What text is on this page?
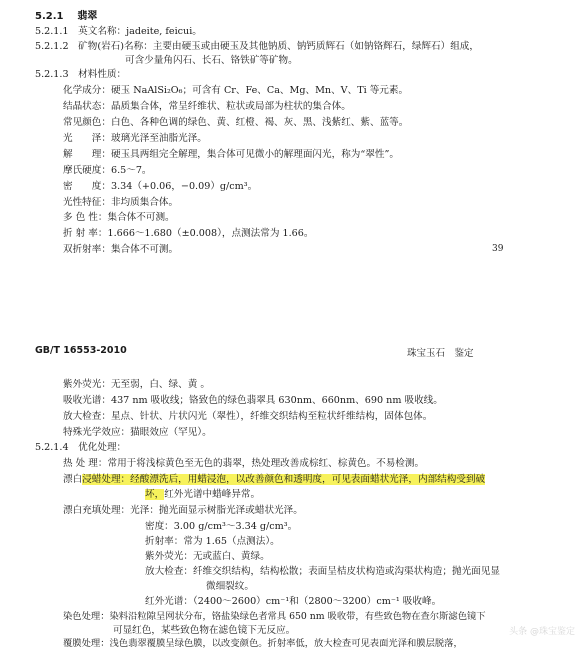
5.2.1 翡翠
5.2.1.1　英文名称：jadeite, feicui。
5.2.1.2　矿物(岩石)名称：主要由硬玉或由硬玉及其他钠质、钠钙质辉石（如钠铬辉石，绿辉石）组成，
可含少量角闪石、长石、铬铁矿等矿物。
5.2.1.3　材料性质：
化学成分：硬玉 NaAlSi₂O₆；可含有 Cr、Fe、Ca、Mg、Mn、V、Ti 等元素。
结晶状态：晶质集合体，常呈纤维状、粒状或局部为柱状的集合体。
常见颜色：白色、各种色调的绿色、黄、红橙、褐、灰、黑、浅紫红、紫、蓝等。
光　　泽：玻璃光泽至油脂光泽。
解　　理：硬玉具两组完全解理，集合体可见微小的解理面闪光，称为“翠性”。
摩氏硬度：6.5～7。
密　　度：3.34（+0.06，−0.09）g/cm³。
光性特征：非均质集合体。
多 色 性：集合体不可测。
折 射 率：1.666～1.680（±0.008），点测法常为 1.66。
双折射率：集合体不可测。	39
GB/T 16553-2010	珠宝玉石　鉴定
紫外荧光：无至弱，白、绿、黄 。
吸收光谱：437 nm 吸收线；铬致色的绿色翡翠具 630nm、660nm、690 nm 吸收线。
放大检查：星点、针状、片状闪光（翠性），纤维交织结构至粒状纤维结构，固体包体。
特殊光学效应：猫眼效应（罕见）。
5.2.1.4　优化处理：
热 处 理：常用于将浅棕黄色至无色的翡翠，热处理改善成棕红、棕黄色。不易检测。
漂白浸蜡处理：经酸漂洗后，用蜡浸泡，以改善颜色和透明度，可见表面蜡状光泽，内部结构受到破
坏，红外光谱中蜡峰异常。
漂白充填处理：光泽：抛光面显示树脂光泽或蜡状光泽。
密度：3.00 g/cm³～3.34 g/cm³。
折射率：常为 1.65（点测法）。
紫外荧光：无或蓝白、黄绿。
放大检查：纤维交织结构，结构松散；表面呈桔皮状构造或沟渠状构造；抛光面见显
微细裂纹。
红外光谱：（2400～2600）cm⁻¹和（2800～3200）cm⁻¹ 吸收峰。
染色处理：染料沿粒隙呈网状分布，铬盐染绿色者常具 650 nm 吸收带，有些致色物在查尔斯滤色镜下
可显红色，某些致色物在滤色镜下无反应。
覆膜处理：浅色翡翠覆膜呈绿色膜，以改变颜色。折射率低，放大检查可见表面光泽和膜层脱落，
头条 @珠宝鉴定
